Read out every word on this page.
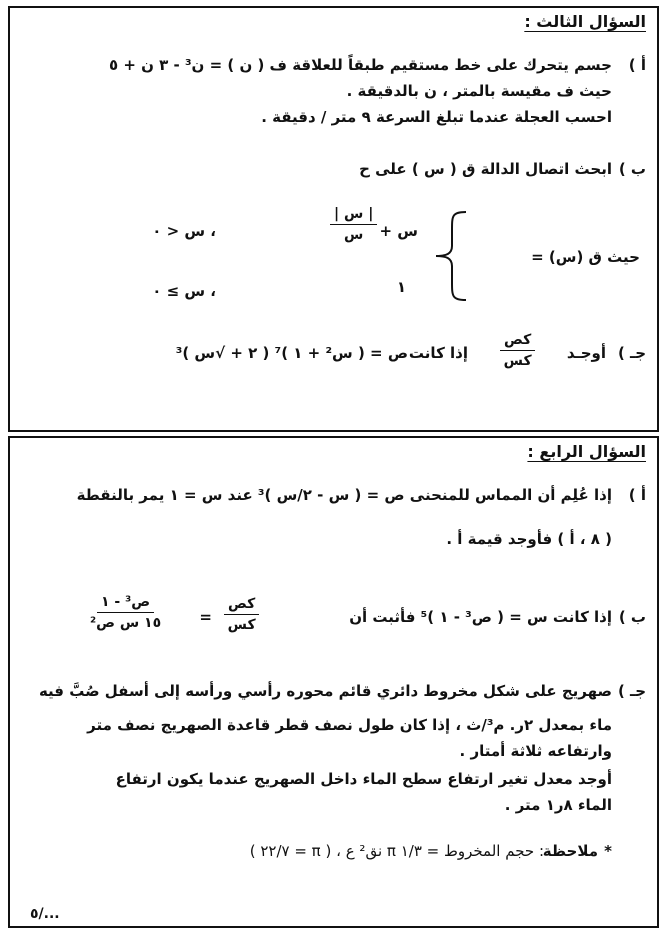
السؤال الثالث :
أ )
جسم يتحرك على خط مستقيم طبقاً للعلاقة ف ( ن ) = ن³ - ٣ ن + ٥
حيث ف مقيسة بالمتر ، ن بالدقيقة .
احسب العجلة عندما تبلغ السرعة ٩ متر / دقيقة .
ب )
ابحث اتصال الدالة ق ( س ) على ح
حيث ق (س) =
س +
| س |
س
، س < ٠
١
، س ≥ ٠
جـ )
أوجـد
كص
كس
إذا كانت
ص = ( س² + ١ )⁷ ( ٢ + √س )³
السؤال الرابع :
أ )
إذا عُلِم أن المماس للمنحنى ص = ( س - ٢/س )³ عند س = ١ يمر بالنقطة
( ٨ ، أ ) فأوجد قيمة أ .
ب )
إذا كانت س = ( ص³ - ١ )⁵ فأثبت أن
كص
كس
=
ص³ - ١
١٥ س ص²
جـ )
صهريج على شكل مخروط دائري قائم محوره رأسي ورأسه إلى أسفل صُبَّ فيه
ماء بمعدل ٢ر. م³/ث ، إذا كان طول نصف قطر قاعدة الصهريج نصف متر
وارتفاعه ثلاثة أمتار .
أوجد معدل تغير ارتفاع سطح الماء داخل الصهريج عندما يكون ارتفاع
الماء ٨ر١ متر .
*
ملاحظة
: حجم المخروط = ١/٣ π نق² ع ، ( π = ٢٢/٧ )
٥/...
